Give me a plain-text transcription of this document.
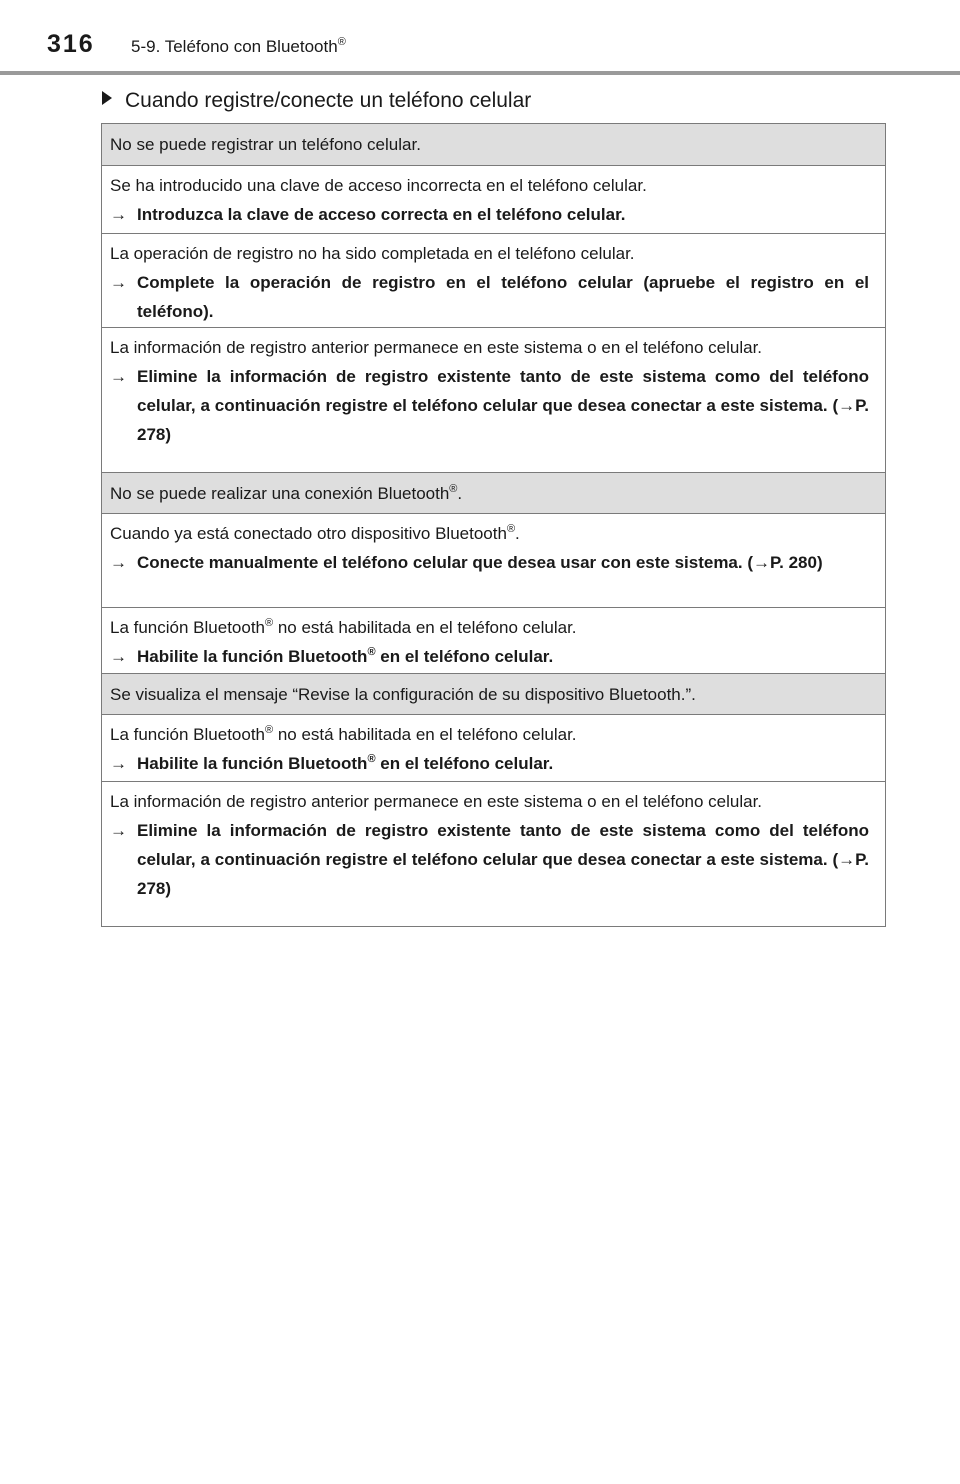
316 5-9. Teléfono con Bluetooth®
Cuando registre/conecte un teléfono celular
No se puede registrar un teléfono celular.
Se ha introducido una clave de acceso incorrecta en el teléfono celular.
→ Introduzca la clave de acceso correcta en el teléfono celular.
La operación de registro no ha sido completada en el teléfono celular.
→ Complete la operación de registro en el teléfono celular (apruebe el registro en el teléfono).
La información de registro anterior permanece en este sistema o en el teléfono celular.
→ Elimine la información de registro existente tanto de este sistema como del teléfono celular, a continuación registre el teléfono celular que desea conectar a este sistema. (→P. 278)
No se puede realizar una conexión Bluetooth®.
Cuando ya está conectado otro dispositivo Bluetooth®.
→ Conecte manualmente el teléfono celular que desea usar con este sistema. (→P. 280)
La función Bluetooth® no está habilitada en el teléfono celular.
→ Habilite la función Bluetooth® en el teléfono celular.
Se visualiza el mensaje “Revise la configuración de su dispositivo Bluetooth.”.
La función Bluetooth® no está habilitada en el teléfono celular.
→ Habilite la función Bluetooth® en el teléfono celular.
La información de registro anterior permanece en este sistema o en el teléfono celular.
→ Elimine la información de registro existente tanto de este sistema como del teléfono celular, a continuación registre el teléfono celular que desea conectar a este sistema. (→P. 278)
